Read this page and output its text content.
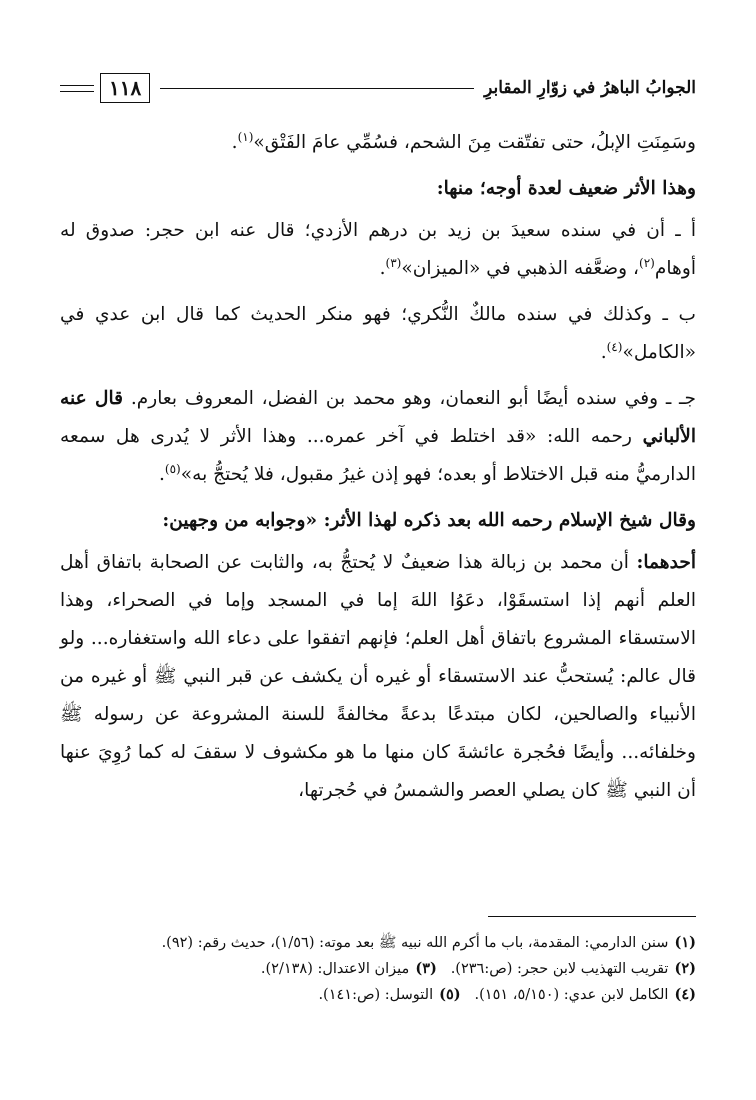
الجوابُ الباهرُ في زوّارِ المقابرِ
١١٨

وسَمِنَتِ الإبلُ، حتى تفتّقت مِنَ الشحم، فسُمِّي عامَ الفَتْق»$^{(١)}$.

وهذا الأثر ضعيف لعدة أوجه؛ منها:

أ ـ أن في سنده سعيدَ بن زيد بن درهم الأزدي؛ قال عنه ابن حجر: صدوق له أوهام$^{(٢)}$، وضعَّفه الذهبي في «الميزان»$^{(٣)}$.

ب ـ وكذلك في سنده مالكٌ النُّكري؛ فهو منكر الحديث كما قال ابن عدي في «الكامل»$^{(٤)}$.

جـ ـ وفي سنده أيضًا أبو النعمان، وهو محمد بن الفضل، المعروف بعارم. قال عنه الألباني رحمه الله: «قد اختلط في آخر عمره... وهذا الأثر لا يُدرى هل سمعه الدارميُّ منه قبل الاختلاط أو بعده؛ فهو إذن غيرُ مقبول، فلا يُحتجُّ به»$^{(٥)}$.

وقال شيخ الإسلام رحمه الله بعد ذكره لهذا الأثر: «وجوابه من وجهين:

أحدهما: أن محمد بن زبالة هذا ضعيفٌ لا يُحتجُّ به، والثابت عن الصحابة باتفاق أهل العلم أنهم إذا استسقَوْا، دعَوُا اللهَ إما في المسجد وإما في الصحراء، وهذا الاستسقاء المشروع باتفاق أهل العلم؛ فإنهم اتفقوا على دعاء الله واستغفاره... ولو قال عالم: يُستحبُّ عند الاستسقاء أو غيره أن يكشف عن قبر النبي ﷺ أو غيره من الأنبياء والصالحين، لكان مبتدعًا بدعةً مخالفةً للسنة المشروعة عن رسوله ﷺ وخلفائه... وأيضًا فحُجرة عائشةَ كان منها ما هو مكشوف لا سقفَ له كما رُوِيَ عنها أن النبي ﷺ كان يصلي العصر والشمسُ في حُجرتها،

(١)سنن الدارمي: المقدمة، باب ما أكرم الله نبيه ﷺ بعد موته: (١/٥٦)، حديث رقم: (٩٢).
(٢)تقريب التهذيب لابن حجر: (ص:٢٣٦).   (٣)ميزان الاعتدال: (٢/١٣٨).
(٤)الكامل لابن عدي: (٥/١٥٠، ١٥١).   (٥)التوسل: (ص:١٤١).
